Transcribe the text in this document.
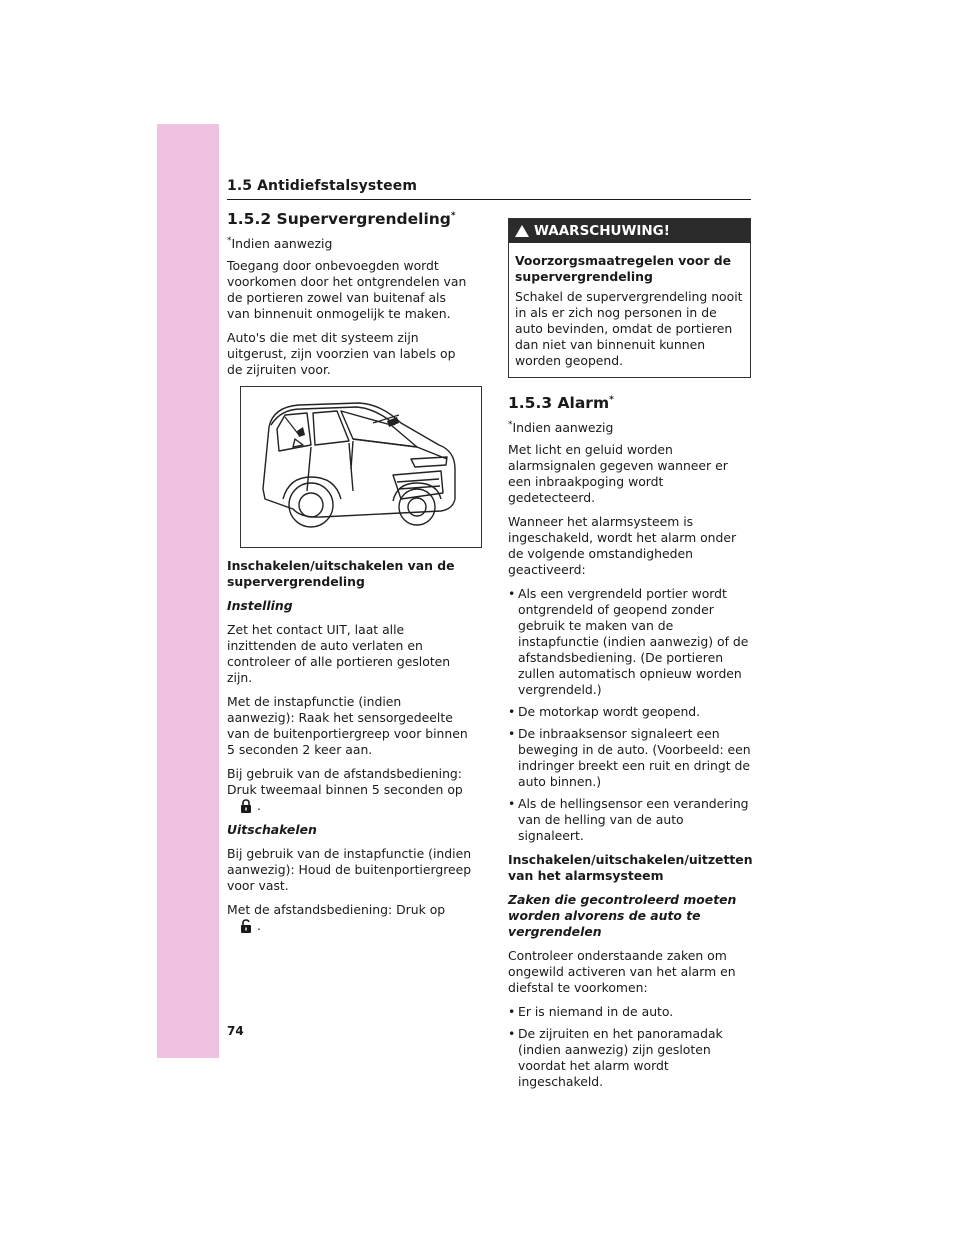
1.5 Antidiefstalsysteem
1.5.2 Supervergrendeling*

*Indien aanwezig

Toegang door onbevoegden wordt voorkomen door het ontgrendelen van de portieren zowel van buitenaf als van binnenuit onmogelijk te maken.

Auto's die met dit systeem zijn uitgerust, zijn voorzien van labels op de zijruiten voor.

Inschakelen/uitschakelen van de supervergrendeling

Instelling

Zet het contact UIT, laat alle inzittenden de auto verlaten en controleer of alle portieren gesloten zijn.

Met de instapfunctie (indien aanwezig): Raak het sensorgedeelte van de buitenportiergreep voor binnen 5 seconden 2 keer aan.

Bij gebruik van de afstandsbediening: Druk tweemaal binnen 5 seconden op
.

Uitschakelen

Bij gebruik van de instapfunctie (indien aanwezig): Houd de buitenportiergreep voor vast.

Met de afstandsbediening: Druk op
.

WAARSCHUWING!

Voorzorgsmaatregelen voor de supervergrendeling

Schakel de supervergrendeling nooit in als er zich nog personen in de auto bevinden, omdat de portieren dan niet van binnenuit kunnen worden geopend.

1.5.3 Alarm*

*Indien aanwezig

Met licht en geluid worden alarmsignalen gegeven wanneer er een inbraakpoging wordt gedetecteerd.

Wanneer het alarmsysteem is ingeschakeld, wordt het alarm onder de volgende omstandigheden geactiveerd:

• Als een vergrendeld portier wordt ontgrendeld of geopend zonder gebruik te maken van de instapfunctie (indien aanwezig) of de afstandsbediening. (De portieren zullen automatisch opnieuw worden vergrendeld.)
• De motorkap wordt geopend.
• De inbraaksensor signaleert een beweging in de auto. (Voorbeeld: een indringer breekt een ruit en dringt de auto binnen.)
• Als de hellingsensor een verandering van de helling van de auto signaleert.

Inschakelen/uitschakelen/uitzetten van het alarmsysteem

Zaken die gecontroleerd moeten worden alvorens de auto te vergrendelen

Controleer onderstaande zaken om ongewild activeren van het alarm en diefstal te voorkomen:

• Er is niemand in de auto.
• De zijruiten en het panoramadak (indien aanwezig) zijn gesloten voordat het alarm wordt ingeschakeld.
74
